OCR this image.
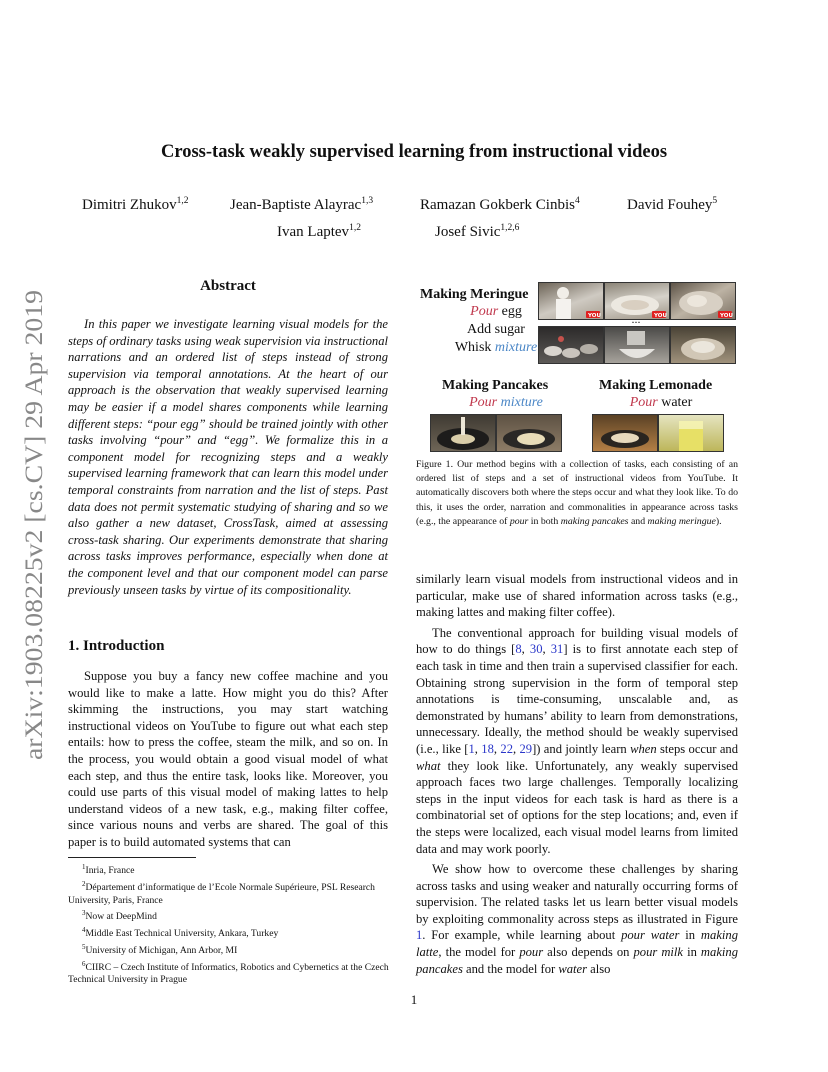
arXiv:1903.08225v2 [cs.CV] 29 Apr 2019
Cross-task weakly supervised learning from instructional videos
Dimitri Zhukov$^{1,2}$	Jean-Baptiste Alayrac$^{1,3}$	Ramazan Gokberk Cinbis$^4$	David Fouhey$^5$
Ivan Laptev$^{1,2}$	Josef Sivic$^{1,2,6}$
Abstract

In this paper we investigate learning visual models for the steps of ordinary tasks using weak supervision via instructional narrations and an ordered list of steps instead of strong supervision via temporal annotations. At the heart of our approach is the observation that weakly supervised learning may be easier if a model shares components while learning different steps: “pour egg” should be trained jointly with other tasks involving “pour” and “egg”. We formalize this in a component model for recognizing steps and a weakly supervised learning framework that can learn this model under temporal constraints from narration and the list of steps. Past data does not permit systematic studying of sharing and so we also gather a new dataset, CrossTask, aimed at assessing cross-task sharing. Our experiments demonstrate that sharing across tasks improves performance, especially when done at the component level and that our component model can parse previously unseen tasks by virtue of its compositionality.

1. Introduction

Suppose you buy a fancy new coffee machine and you would like to make a latte. How might you do this? After skimming the instructions, you may start watching instructional videos on YouTube to figure out what each step entails: how to press the coffee, steam the milk, and so on. In the process, you would obtain a good visual model of what each step, and thus the entire task, looks like. Moreover, you could use parts of this visual model of making lattes to help understand videos of a new task, e.g., making filter coffee, since various nouns and verbs are shared. The goal of this paper is to build automated systems that can

$^1$Inria, France
$^2$Département d’informatique de l’Ecole Normale Supérieure, PSL Research University, Paris, France
$^3$Now at DeepMind
$^4$Middle East Technical University, Ankara, Turkey
$^5$University of Michigan, Ann Arbor, MI
$^6$CIIRC – Czech Institute of Informatics, Robotics and Cybernetics at the Czech Technical University in Prague
Making Meringue
Pour egg
Add sugar
Whisk mixture
YOU	YOU	YOU
...
Making Pancakes
Pour mixture
Making Lemonade
Pour water
Figure 1. Our method begins with a collection of tasks, each consisting of an ordered list of steps and a set of instructional videos from YouTube. It automatically discovers both where the steps occur and what they look like. To do this, it uses the order, narration and commonalities in appearance across tasks (e.g., the appearance of pour in both making pancakes and making meringue).

similarly learn visual models from instructional videos and in particular, make use of shared information across tasks (e.g., making lattes and making filter coffee).

The conventional approach for building visual models of how to do things [8, 30, 31] is to first annotate each step of each task in time and then train a supervised classifier for each. Obtaining strong supervision in the form of temporal step annotations is time-consuming, unscalable and, as demonstrated by humans’ ability to learn from demonstrations, unnecessary. Ideally, the method should be weakly supervised (i.e., like [1, 18, 22, 29]) and jointly learn when steps occur and what they look like. Unfortunately, any weakly supervised approach faces two large challenges. Temporally localizing steps in the input videos for each task is hard as there is a combinatorial set of options for the step locations; and, even if the steps were localized, each visual model learns from limited data and may work poorly.

We show how to overcome these challenges by sharing across tasks and using weaker and naturally occurring forms of supervision. The related tasks let us learn better visual models by exploiting commonality across steps as illustrated in Figure 1. For example, while learning about pour water in making latte, the model for pour also depends on pour milk in making pancakes and the model for water also

1
